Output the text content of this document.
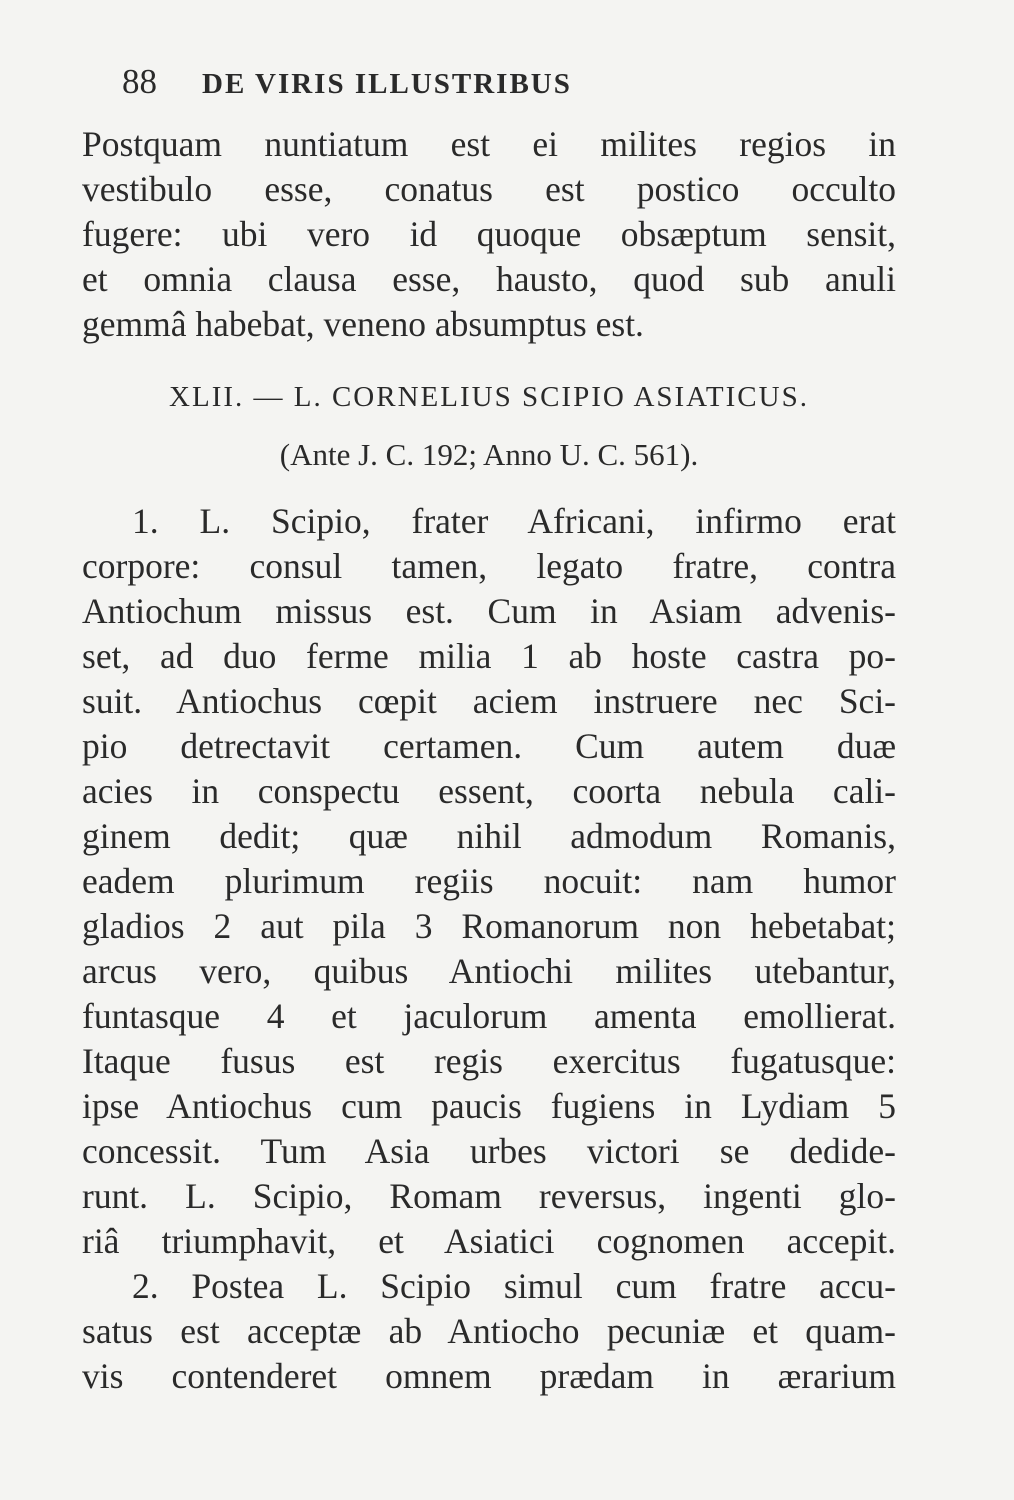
88	DE VIRIS ILLUSTRIBUS
Postquam nuntiatum est ei milites regios in
vestibulo esse, conatus est postico occulto
fugere: ubi vero id quoque obsæptum sensit,
et omnia clausa esse, hausto, quod sub anuli
gemmâ habebat, veneno absumptus est.
XLII. — L. CORNELIUS SCIPIO ASIATICUS.
(Ante J. C. 192; Anno U. C. 561).
1. L. Scipio, frater Africani, infirmo erat
corpore: consul tamen, legato fratre, contra
Antiochum missus est. Cum in Asiam advenis-
set, ad duo ferme milia 1 ab hoste castra po-
suit. Antiochus cœpit aciem instruere nec Sci-
pio detrectavit certamen. Cum autem duæ
acies in conspectu essent, coorta nebula cali-
ginem dedit; quæ nihil admodum Romanis,
eadem plurimum regiis nocuit: nam humor
gladios 2 aut pila 3 Romanorum non hebetabat;
arcus vero, quibus Antiochi milites utebantur,
funtasque 4 et jaculorum amenta emollierat.
Itaque fusus est regis exercitus fugatusque:
ipse Antiochus cum paucis fugiens in Lydiam 5
concessit. Tum Asia urbes victori se dedide-
runt. L. Scipio, Romam reversus, ingenti glo-
riâ triumphavit, et Asiatici cognomen accepit.
2. Postea L. Scipio simul cum fratre accu-
satus est acceptæ ab Antiocho pecuniæ et quam-
vis contenderet omnem prædam in ærarium
